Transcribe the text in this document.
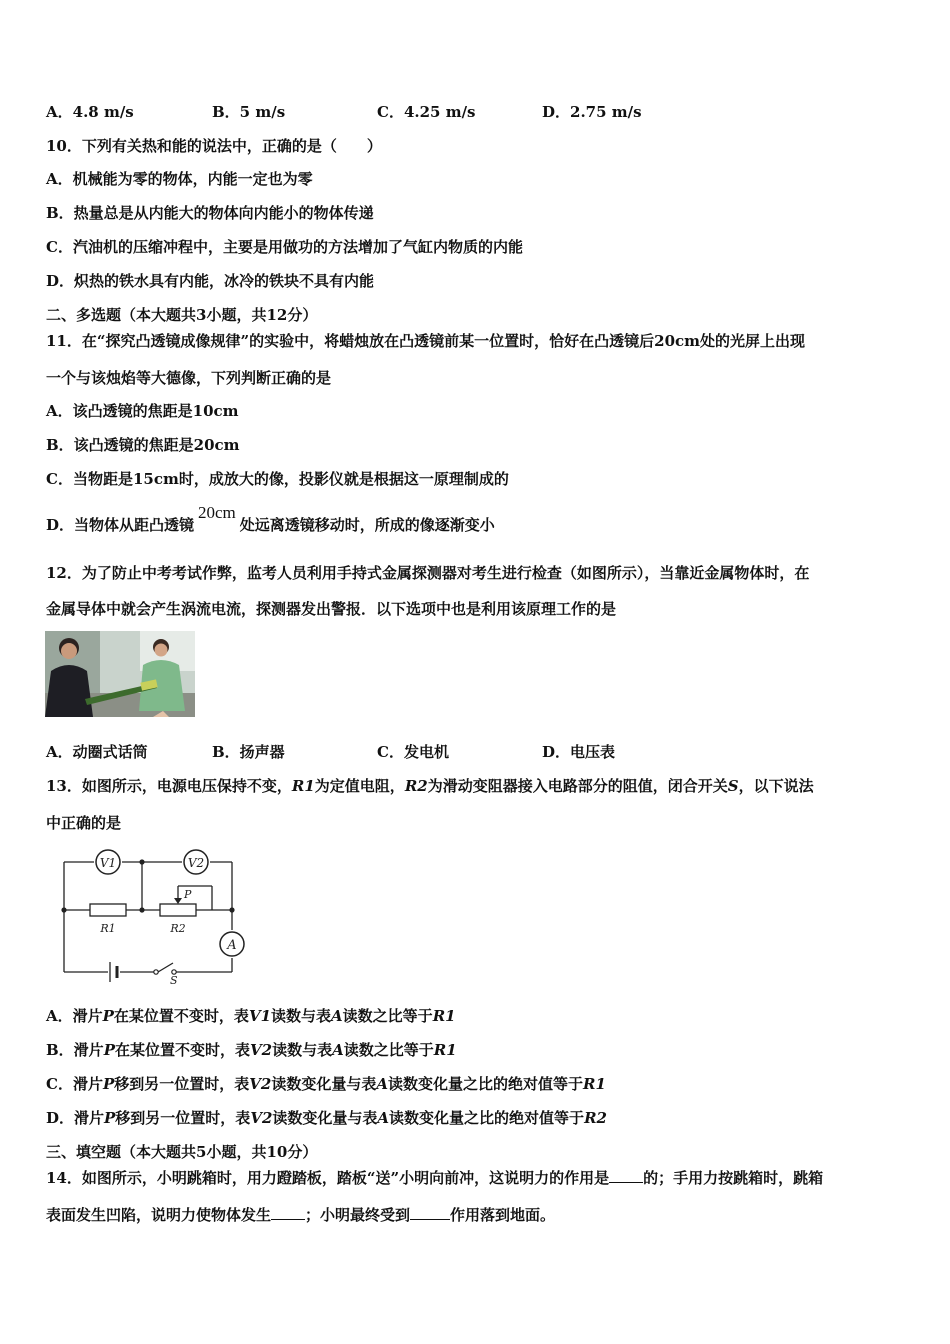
A．4.8 m/s	B．5 m/s	C．4.25 m/s	D．2.75 m/s
10．下列有关热和能的说法中，正确的是（　　）
A．机械能为零的物体，内能一定也为零
B．热量总是从内能大的物体向内能小的物体传递
C．汽油机的压缩冲程中，主要是用做功的方法增加了气缸内物质的内能
D．炽热的铁水具有内能，冰冷的铁块不具有内能
二、多选题（本大题共3小题，共12分）
11．在“探究凸透镜成像规律”的实验中，将蜡烛放在凸透镜前某一位置时，恰好在凸透镜后20cm处的光屏上出现
一个与该烛焰等大德像，下列判断正确的是
A．该凸透镜的焦距是10cm
B．该凸透镜的焦距是20cm
C．当物距是15cm时，成放大的像，投影仪就是根据这一原理制成的
D．当物体从距凸透镜20cm处远离透镜移动时，所成的像逐渐变小
12．为了防止中考考试作弊，监考人员利用手持式金属探测器对考生进行检查（如图所示），当靠近金属物体时，在
金属导体中就会产生涡流电流，探测器发出警报．以下选项中也是利用该原理工作的是
A．动圈式话筒	B．扬声器	C．发电机	D．电压表
13．如图所示，电源电压保持不变，R1为定值电阻，R2为滑动变阻器接入电路部分的阻值，闭合开关S，以下说法
中正确的是
V1	V2
A
R1	R2
P
S
A．滑片P在某位置不变时，表V1读数与表A读数之比等于R1
B．滑片P在某位置不变时，表V2读数与表A读数之比等于R1
C．滑片P移到另一位置时，表V2读数变化量与表A读数变化量之比的绝对值等于R1
D．滑片P移到另一位置时，表V2读数变化量与表A读数变化量之比的绝对值等于R2
三、填空题（本大题共5小题，共10分）
14．如图所示，小明跳箱时，用力蹬踏板，踏板“送”小明向前冲，这说明力的作用是 的；手用力按跳箱时，跳箱
表面发生凹陷，说明力使物体发生 ；小明最终受到	作用落到地面。
